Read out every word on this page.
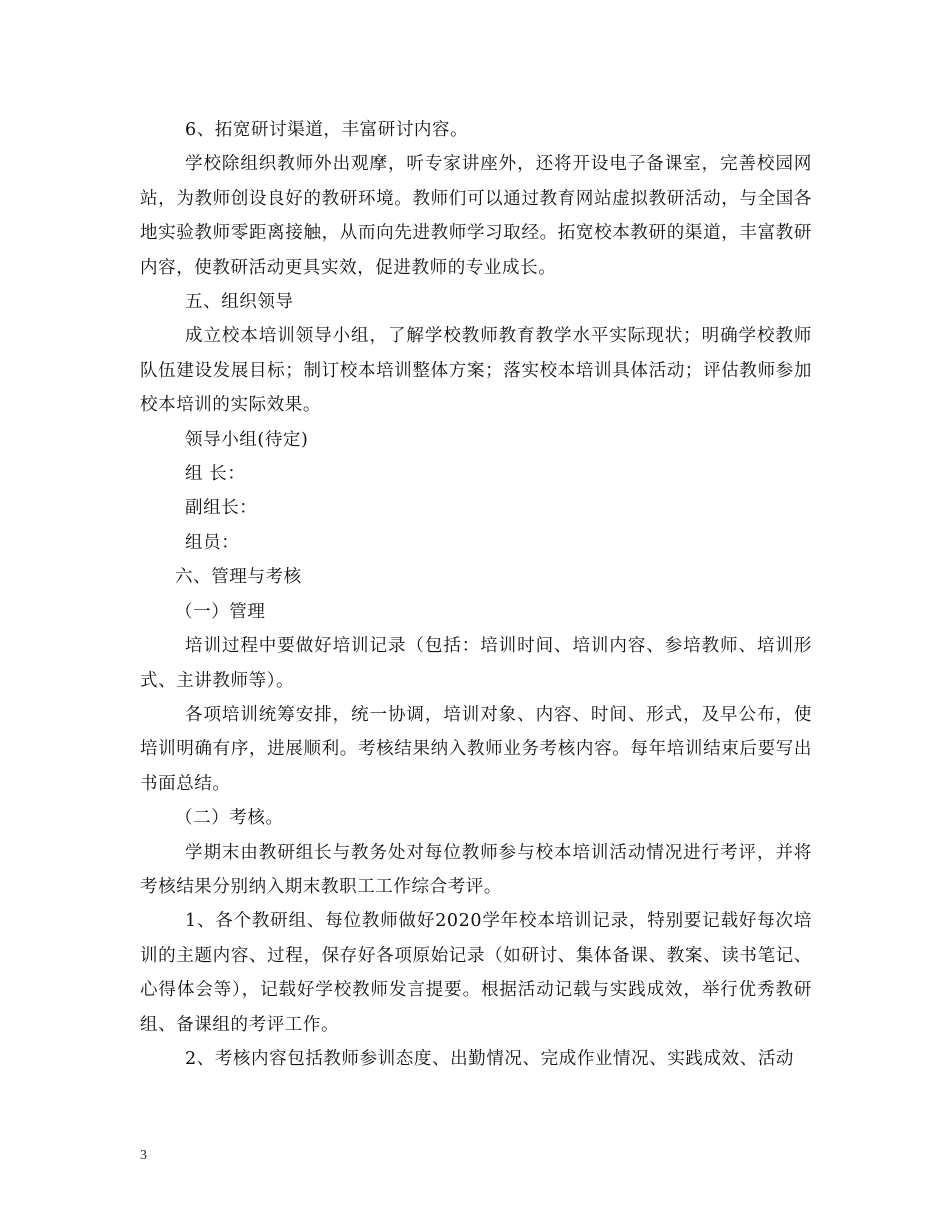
6、拓宽研讨渠道，丰富研讨内容。

学校除组织教师外出观摩，听专家讲座外，还将开设电子备课室，完善校园网站，为教师创设良好的教研环境。教师们可以通过教育网站虚拟教研活动，与全国各地实验教师零距离接触，从而向先进教师学习取经。拓宽校本教研的渠道，丰富教研内容，使教研活动更具实效，促进教师的专业成长。

五、组织领导

成立校本培训领导小组，了解学校教师教育教学水平实际现状；明确学校教师队伍建设发展目标；制订校本培训整体方案；落实校本培训具体活动；评估教师参加校本培训的实际效果。

领导小组(待定)

组 长：

副组长：

组员：

六、管理与考核

（一）管理

培训过程中要做好培训记录（包括：培训时间、培训内容、参培教师、培训形式、主讲教师等）。

各项培训统筹安排，统一协调，培训对象、内容、时间、形式，及早公布，使培训明确有序，进展顺利。考核结果纳入教师业务考核内容。每年培训结束后要写出书面总结。

（二）考核。

学期末由教研组长与教务处对每位教师参与校本培训活动情况进行考评，并将考核结果分别纳入期末教职工工作综合考评。

1、各个教研组、每位教师做好2020学年校本培训记录，特别要记载好每次培训的主题内容、过程，保存好各项原始记录（如研讨、集体备课、教案、读书笔记、心得体会等），记载好学校教师发言提要。根据活动记载与实践成效，举行优秀教研组、备课组的考评工作。

2、考核内容包括教师参训态度、出勤情况、完成作业情况、实践成效、活动

3
